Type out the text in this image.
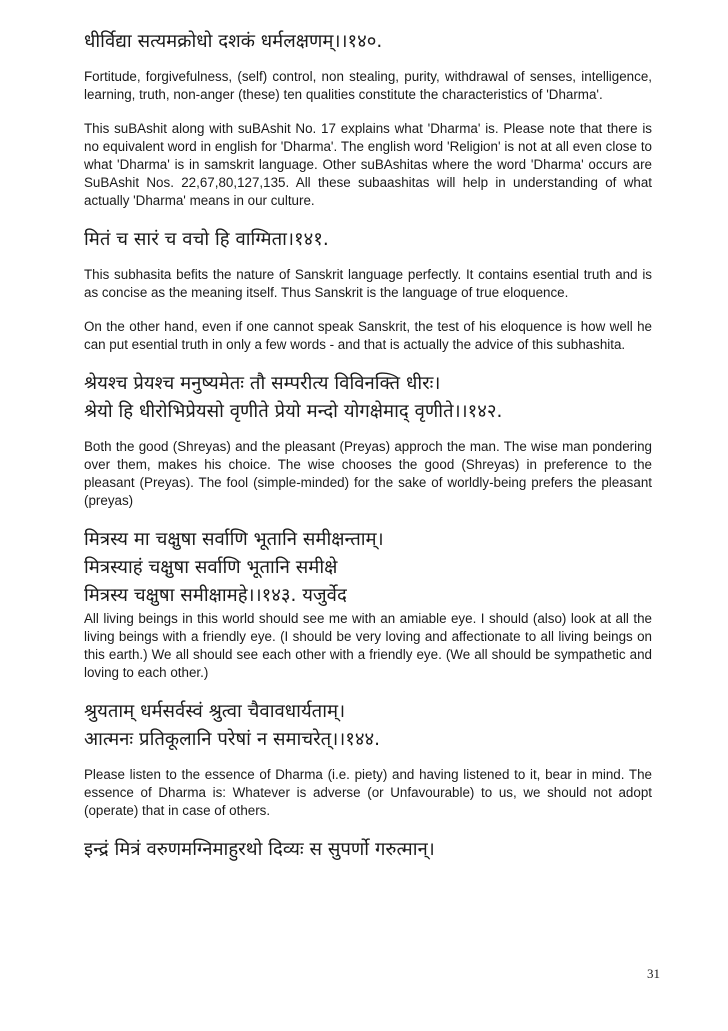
धीर्विद्या सत्यमक्रोधो दशकं धर्मलक्षणम्।।१४०.

Fortitude, forgivefulness, (self) control, non stealing, purity, withdrawal of senses, intelligence, learning, truth, non-anger (these) ten qualities constitute the characteristics of 'Dharma'.

This suBAshit along with suBAshit No. 17 explains what 'Dharma' is. Please note that there is no equivalent word in english for 'Dharma'. The english word 'Religion' is not at all even close to what 'Dharma' is in samskrit language. Other suBAshitas where the word 'Dharma' occurs are SuBAshit Nos. 22,67,80,127,135. All these subaashitas will help in understanding of what actually 'Dharma' means in our culture.

मितं च सारं च वचो हि वाग्मिता।१४१.

This subhasita befits the nature of Sanskrit language perfectly. It contains esential truth and is as concise as the meaning itself. Thus Sanskrit is the language of true eloquence.

On the other hand, even if one cannot speak Sanskrit, the test of his eloquence is how well he can put esential truth in only a few words - and that is actually the advice of this subhashita.

श्रेयश्च प्रेयश्च मनुष्यमेतः तौ सम्परीत्य विविनक्ति धीरः।

श्रेयो हि धीरोभिप्रेयसो वृणीते प्रेयो मन्दो योगक्षेमाद् वृणीते।।१४२.

Both the good (Shreyas) and the pleasant (Preyas) approch the man. The wise man pondering over them, makes his choice. The wise chooses the good (Shreyas) in preference to the pleasant (Preyas). The fool (simple-minded) for the sake of worldly-being prefers the pleasant (preyas)

मित्रस्य मा चक्षुषा सर्वाणि भूतानि समीक्षन्ताम्।

मित्रस्याहं चक्षुषा सर्वाणि भूतानि समीक्षे

मित्रस्य चक्षुषा समीक्षामहे।।१४३. यजुर्वेद

All living beings in this world should see me with an amiable eye. I should (also) look at all the living beings with a friendly eye. (I should be very loving and affectionate to all living beings on this earth.) We all should see each other with a friendly eye. (We all should be sympathetic and loving to each other.)

श्रुयताम् धर्मसर्वस्वं श्रुत्वा चैवावधार्यताम्।

आत्मनः प्रतिकूलानि परेषां न समाचरेत्।।१४४.

Please listen to the essence of Dharma (i.e. piety) and having listened to it, bear in mind. The essence of Dharma is: Whatever is adverse (or Unfavourable) to us, we should not adopt (operate) that in case of others.

इन्द्रं मित्रं वरुणमग्निमाहुरथो दिव्यः स सुपर्णो गरुत्मान्।

31
